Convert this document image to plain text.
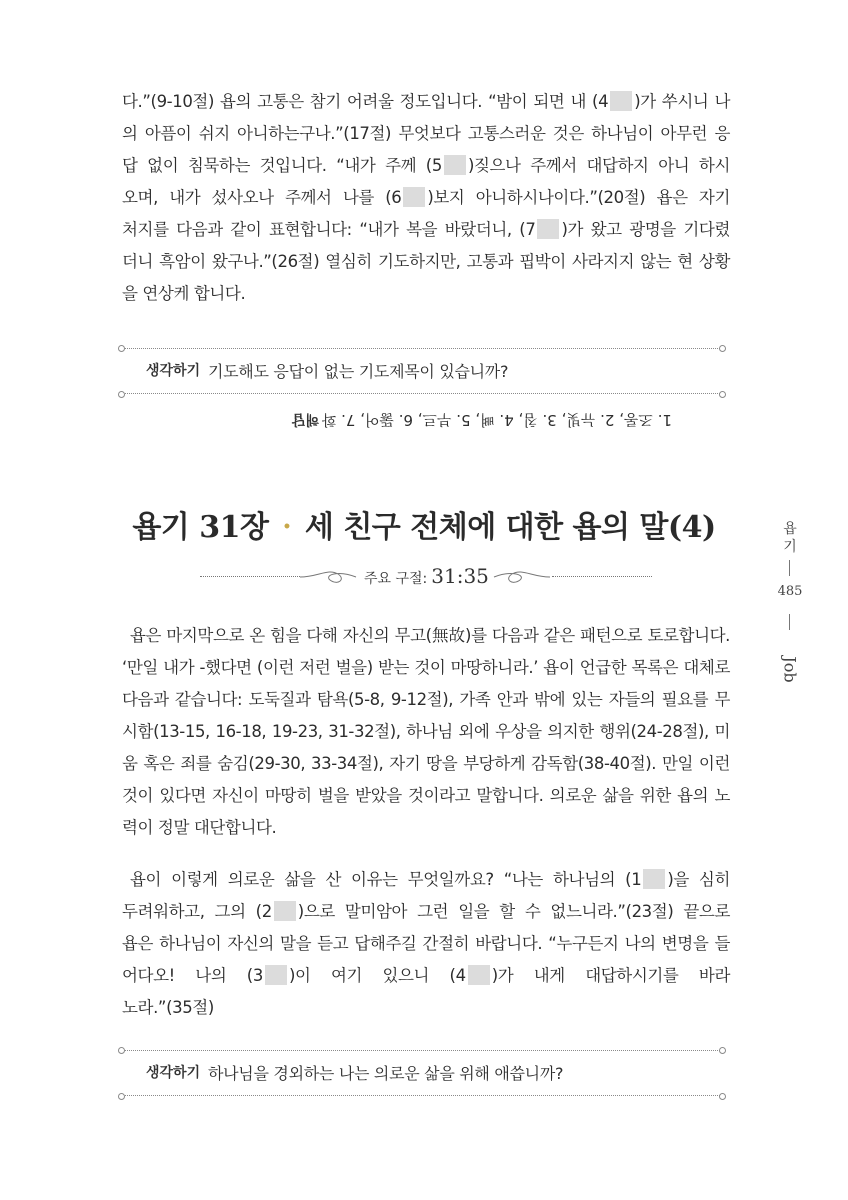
다.”(9-10절) 욥의 고통은 참기 어려울 정도입니다. “밤이 되면 내 (4 )가 쑤시니 나
의 아픔이 쉬지 아니하는구나.”(17절) 무엇보다 고통스러운 것은 하나님이 아무런 응
답 없이 침묵하는 것입니다. “내가 주께 (5 )짖으나 주께서 대답하지 아니 하시
오며, 내가 섰사오나 주께서 나를 (6 )보지 아니하시나이다.”(20절) 욥은 자기
처지를 다음과 같이 표현합니다: “내가 복을 바랐더니, (7 )가 왔고 광명을 기다렸
더니 흑암이 왔구나.”(26절) 열심히 기도하지만, 고통과 핍박이 사라지지 않는 현 상황
을 연상케 합니다.
생각하기 기도해도 응답이 없는 기도제목이 있습니까?
해답 1. 조롱, 2. 뉴빛, 3. 침, 4. 뼈, 5. 부르, 6. 뚫어, 7. 화
욥기 31장 • 세 친구 전체에 대한 욥의 말(4)
주요 구절: 31:35
욥기
485
Job
욥은 마지막으로 온 힘을 다해 자신의 무고(無故)를 다음과 같은 패턴으로 토로합니다.
‘만일 내가 -했다면 (이런 저런 벌을) 받는 것이 마땅하니라.’ 욥이 언급한 목록은 대체로
다음과 같습니다: 도둑질과 탐욕(5-8, 9-12절), 가족 안과 밖에 있는 자들의 필요를 무
시함(13-15, 16-18, 19-23, 31-32절), 하나님 외에 우상을 의지한 행위(24-28절), 미
움 혹은 죄를 숨김(29-30, 33-34절), 자기 땅을 부당하게 감독함(38-40절). 만일 이런
것이 있다면 자신이 마땅히 벌을 받았을 것이라고 말합니다. 의로운 삶을 위한 욥의 노
력이 정말 대단합니다.
욥이 이렇게 의로운 삶을 산 이유는 무엇일까요? “나는 하나님의 (1 )을 심히
두려워하고, 그의 (2 )으로 말미암아 그런 일을 할 수 없느니라.”(23절) 끝으로
욥은 하나님이 자신의 말을 듣고 답해주길 간절히 바랍니다. “누구든지 나의 변명을 들
어다오! 나의 (3 )이 여기 있으니 (4 )가 내게 대답하시기를 바라
노라.”(35절)
생각하기 하나님을 경외하는 나는 의로운 삶을 위해 애씁니까?
